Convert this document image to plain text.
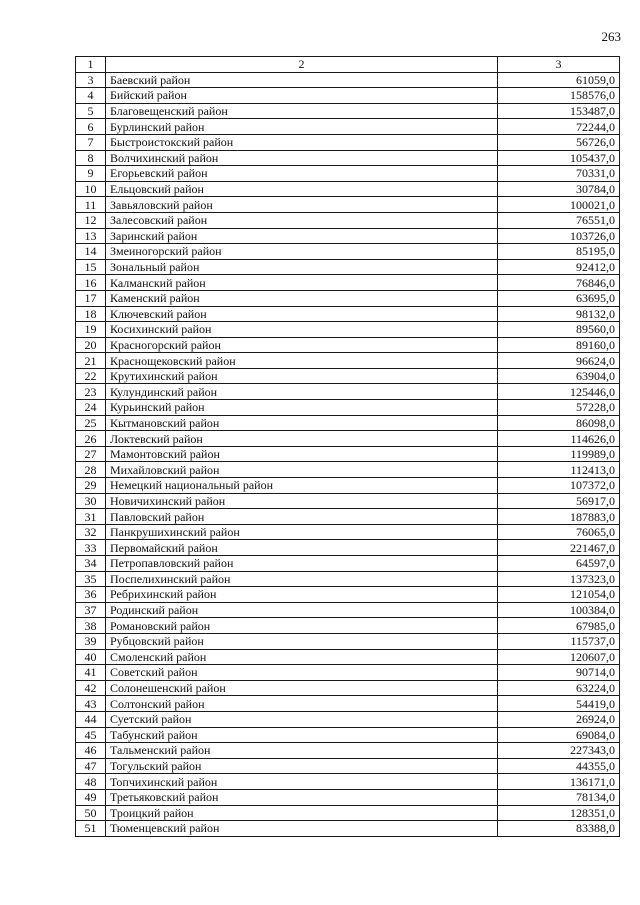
263
1	2	3
3	Баевский район	61059,0
4	Бийский район	158576,0
5	Благовещенский район	153487,0
6	Бурлинский район	72244,0
7	Быстроистокский район	56726,0
8	Волчихинский район	105437,0
9	Егорьевский район	70331,0
10	Ельцовский район	30784,0
11	Завьяловский район	100021,0
12	Залесовский район	76551,0
13	Заринский район	103726,0
14	Змеиногорский район	85195,0
15	Зональный район	92412,0
16	Калманский район	76846,0
17	Каменский район	63695,0
18	Ключевский район	98132,0
19	Косихинский район	89560,0
20	Красногорский район	89160,0
21	Краснощековский район	96624,0
22	Крутихинский район	63904,0
23	Кулундинский район	125446,0
24	Курьинский район	57228,0
25	Кытмановский район	86098,0
26	Локтевский район	114626,0
27	Мамонтовский район	119989,0
28	Михайловский район	112413,0
29	Немецкий национальный район	107372,0
30	Новичихинский район	56917,0
31	Павловский район	187883,0
32	Панкрушихинский район	76065,0
33	Первомайский район	221467,0
34	Петропавловский район	64597,0
35	Поспелихинский район	137323,0
36	Ребрихинский район	121054,0
37	Родинский район	100384,0
38	Романовский район	67985,0
39	Рубцовский район	115737,0
40	Смоленский район	120607,0
41	Советский район	90714,0
42	Солонешенский район	63224,0
43	Солтонский район	54419,0
44	Суетский район	26924,0
45	Табунский район	69084,0
46	Тальменский район	227343,0
47	Тогульский район	44355,0
48	Топчихинский район	136171,0
49	Третьяковский район	78134,0
50	Троицкий район	128351,0
51	Тюменцевский район	83388,0
